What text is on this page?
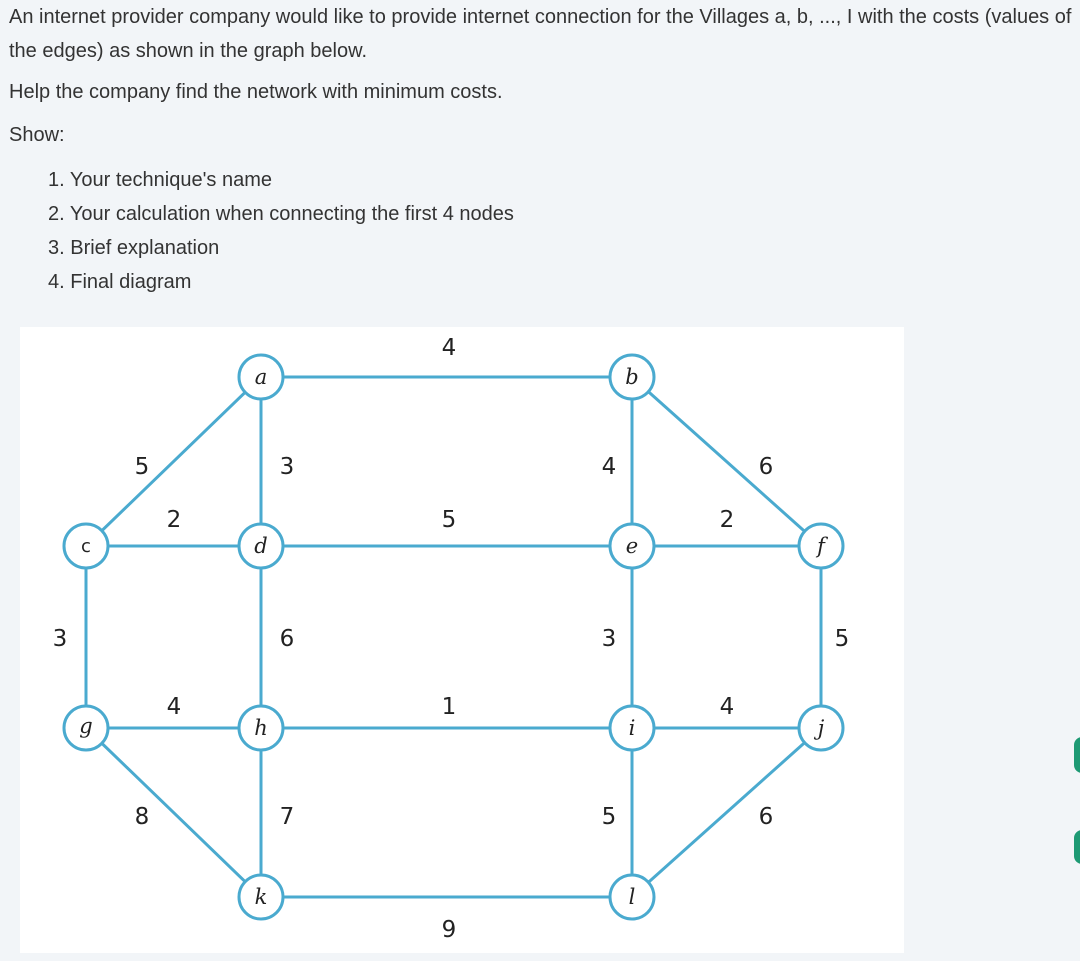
An internet provider company would like to provide internet connection for the Villages a, b, ..., I with the costs (values of the edges) as shown in the graph below.

Help the company find the network with minimum costs.

Show:

1. Your technique's name
2. Your calculation when connecting the first 4 nodes
3. Brief explanation
4. Final diagram
4
5	3	4	6
2	5	2
3	6	3	5
4	1	4
8	7	5	6
9
a	b
c	d	e	f
g	h	i	j
k	l
